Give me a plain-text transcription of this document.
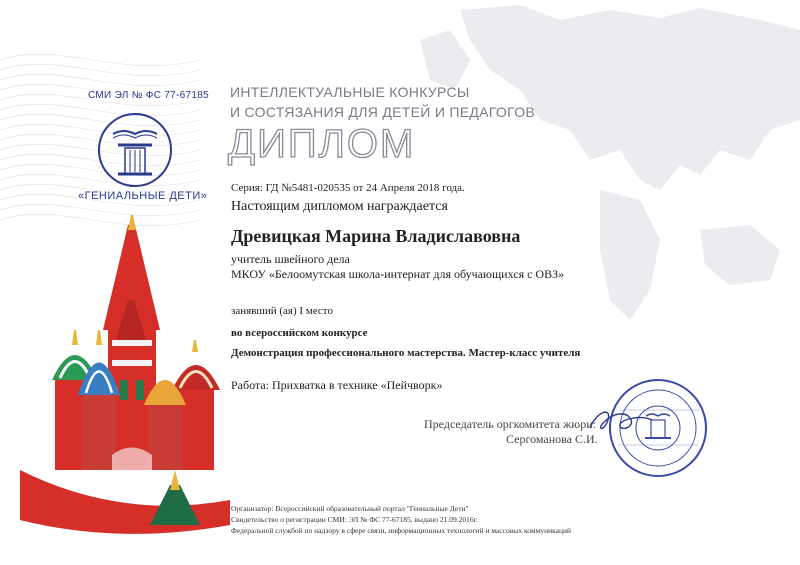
СМИ ЭЛ № ФС 77-67185
«ГЕНИАЛЬНЫЕ ДЕТИ»
ИНТЕЛЛЕКТУАЛЬНЫЕ КОНКУРСЫ
И СОСТЯЗАНИЯ ДЛЯ ДЕТЕЙ И ПЕДАГОГОВ
ДИПЛОМ
Серия: ГД №5481-020535 от 24 Апреля 2018 года.
Настоящим дипломом награждается
Древицкая Марина Владиславовна
учитель швейного дела
МКОУ «Белоомутская школа-интернат для обучающихся с ОВЗ»
занявший (ая) I место
во всероссийском конкурсе
Демонстрация профессионального мастерства. Мастер-класс учителя
Работа: Прихватка в технике «Пейчворк»
Председатель оргкомитета жюри:
Сергоманова С.И.
Организатор: Всероссийский образовательный портал "Гениальные Дети"
Свидетельство о регистрации СМИ: ЭЛ № ФС 77-67185, выдано 21.09.2016г.
Федеральной службой по надзору в сфере связи, информационных технологий и массовых коммуникаций
